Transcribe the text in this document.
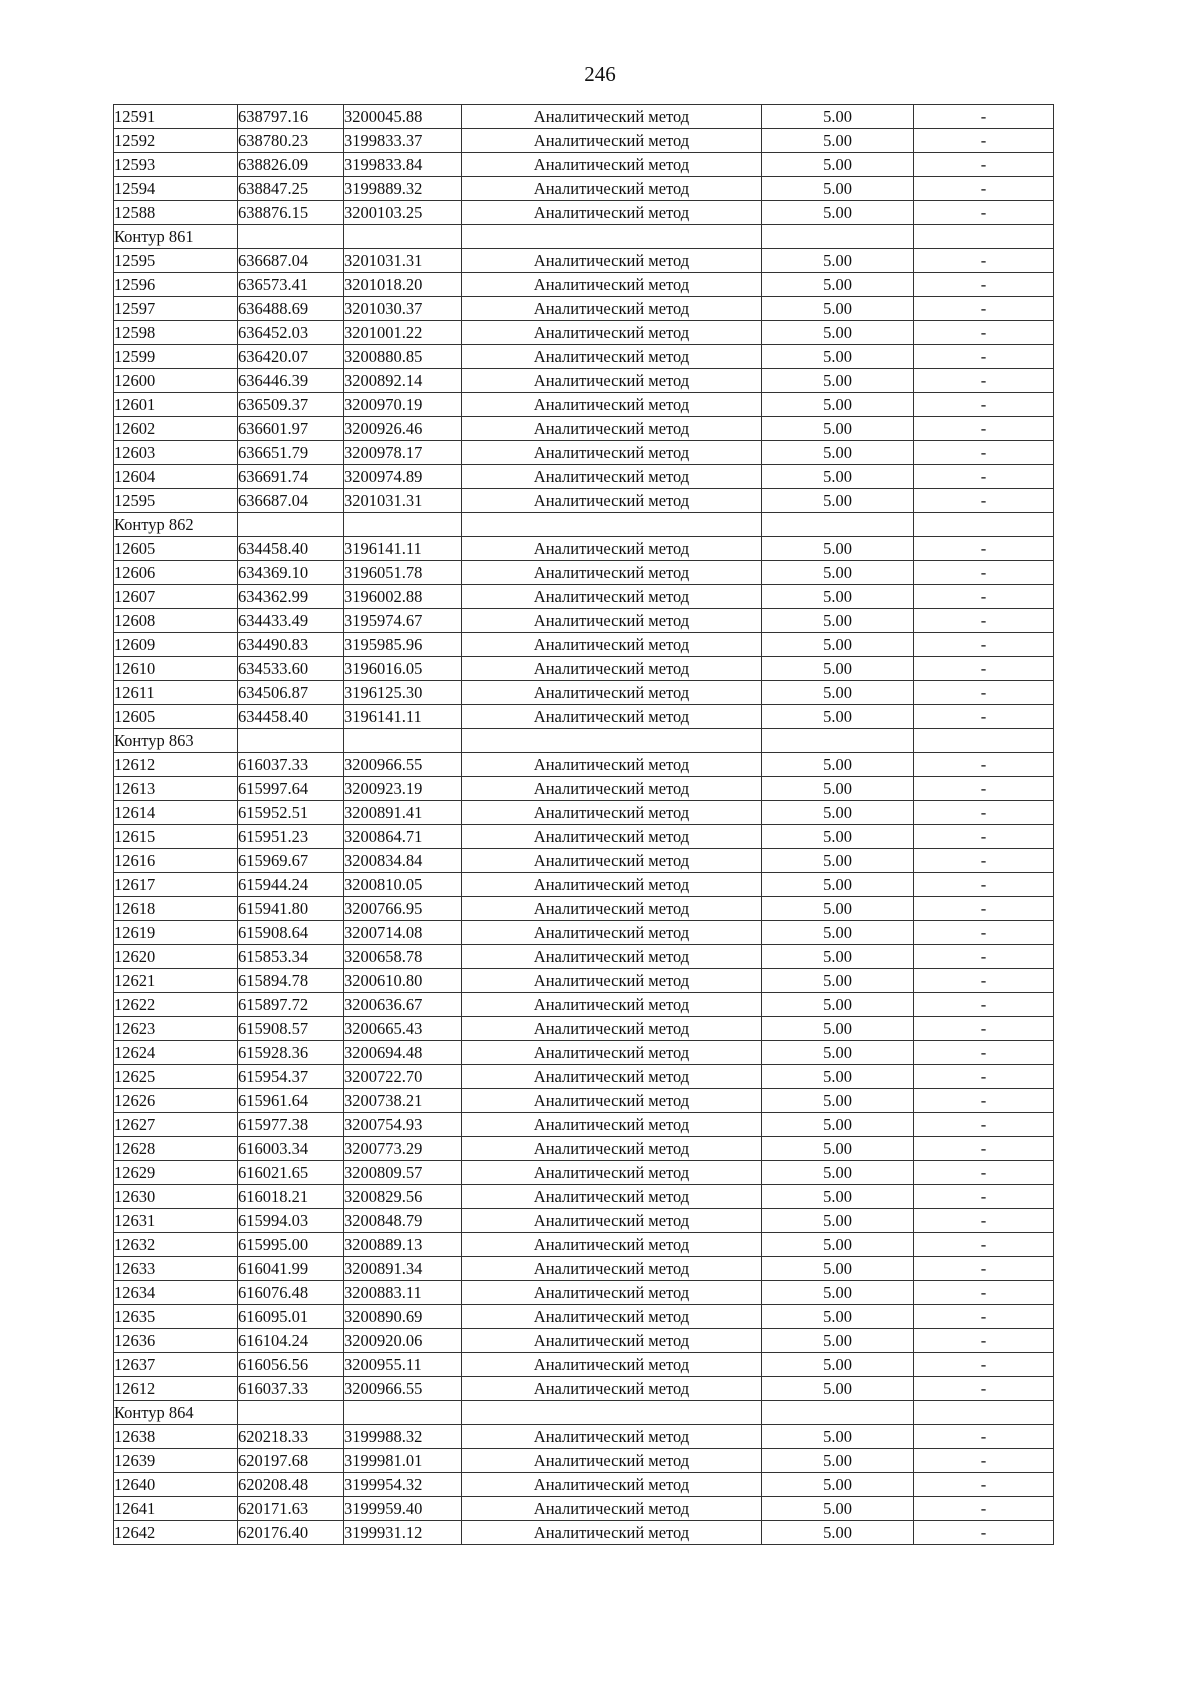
246
12591	638797.16	3200045.88	Аналитический метод	5.00	-
12592	638780.23	3199833.37	Аналитический метод	5.00	-
12593	638826.09	3199833.84	Аналитический метод	5.00	-
12594	638847.25	3199889.32	Аналитический метод	5.00	-
12588	638876.15	3200103.25	Аналитический метод	5.00	-
Контур 861					
12595	636687.04	3201031.31	Аналитический метод	5.00	-
12596	636573.41	3201018.20	Аналитический метод	5.00	-
12597	636488.69	3201030.37	Аналитический метод	5.00	-
12598	636452.03	3201001.22	Аналитический метод	5.00	-
12599	636420.07	3200880.85	Аналитический метод	5.00	-
12600	636446.39	3200892.14	Аналитический метод	5.00	-
12601	636509.37	3200970.19	Аналитический метод	5.00	-
12602	636601.97	3200926.46	Аналитический метод	5.00	-
12603	636651.79	3200978.17	Аналитический метод	5.00	-
12604	636691.74	3200974.89	Аналитический метод	5.00	-
12595	636687.04	3201031.31	Аналитический метод	5.00	-
Контур 862					
12605	634458.40	3196141.11	Аналитический метод	5.00	-
12606	634369.10	3196051.78	Аналитический метод	5.00	-
12607	634362.99	3196002.88	Аналитический метод	5.00	-
12608	634433.49	3195974.67	Аналитический метод	5.00	-
12609	634490.83	3195985.96	Аналитический метод	5.00	-
12610	634533.60	3196016.05	Аналитический метод	5.00	-
12611	634506.87	3196125.30	Аналитический метод	5.00	-
12605	634458.40	3196141.11	Аналитический метод	5.00	-
Контур 863					
12612	616037.33	3200966.55	Аналитический метод	5.00	-
12613	615997.64	3200923.19	Аналитический метод	5.00	-
12614	615952.51	3200891.41	Аналитический метод	5.00	-
12615	615951.23	3200864.71	Аналитический метод	5.00	-
12616	615969.67	3200834.84	Аналитический метод	5.00	-
12617	615944.24	3200810.05	Аналитический метод	5.00	-
12618	615941.80	3200766.95	Аналитический метод	5.00	-
12619	615908.64	3200714.08	Аналитический метод	5.00	-
12620	615853.34	3200658.78	Аналитический метод	5.00	-
12621	615894.78	3200610.80	Аналитический метод	5.00	-
12622	615897.72	3200636.67	Аналитический метод	5.00	-
12623	615908.57	3200665.43	Аналитический метод	5.00	-
12624	615928.36	3200694.48	Аналитический метод	5.00	-
12625	615954.37	3200722.70	Аналитический метод	5.00	-
12626	615961.64	3200738.21	Аналитический метод	5.00	-
12627	615977.38	3200754.93	Аналитический метод	5.00	-
12628	616003.34	3200773.29	Аналитический метод	5.00	-
12629	616021.65	3200809.57	Аналитический метод	5.00	-
12630	616018.21	3200829.56	Аналитический метод	5.00	-
12631	615994.03	3200848.79	Аналитический метод	5.00	-
12632	615995.00	3200889.13	Аналитический метод	5.00	-
12633	616041.99	3200891.34	Аналитический метод	5.00	-
12634	616076.48	3200883.11	Аналитический метод	5.00	-
12635	616095.01	3200890.69	Аналитический метод	5.00	-
12636	616104.24	3200920.06	Аналитический метод	5.00	-
12637	616056.56	3200955.11	Аналитический метод	5.00	-
12612	616037.33	3200966.55	Аналитический метод	5.00	-
Контур 864					
12638	620218.33	3199988.32	Аналитический метод	5.00	-
12639	620197.68	3199981.01	Аналитический метод	5.00	-
12640	620208.48	3199954.32	Аналитический метод	5.00	-
12641	620171.63	3199959.40	Аналитический метод	5.00	-
12642	620176.40	3199931.12	Аналитический метод	5.00	-
